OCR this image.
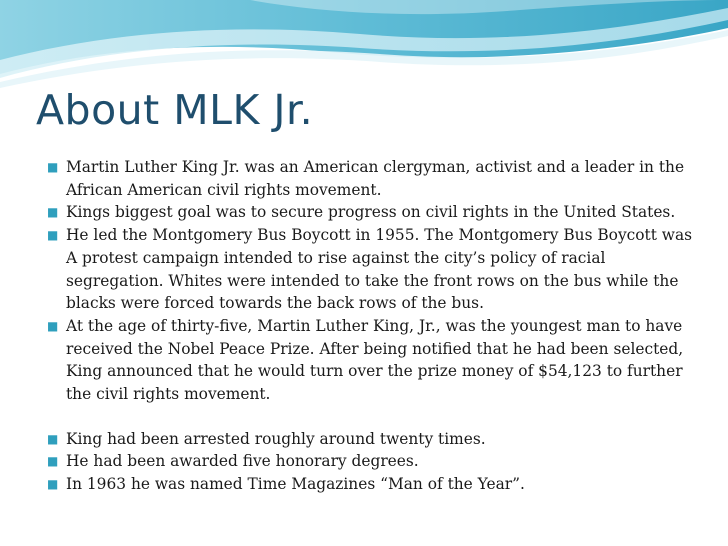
About MLK Jr.
■ Martin Luther King Jr. was an American clergyman, activist and a leader in the
African American civil rights movement.
■ Kings biggest goal was to secure progress on civil rights in the United States.
■ He led the Montgomery Bus Boycott in 1955. The Montgomery Bus Boycott was
A protest campaign intended to rise against the city’s policy of racial
segregation. Whites were intended to take the front rows on the bus while the
blacks were forced towards the back rows of the bus.
■ At the age of thirty-five, Martin Luther King, Jr., was the youngest man to have
received the Nobel Peace Prize. After being notified that he had been selected,
King announced that he would turn over the prize money of $54,123 to further
the civil rights movement.
■ King had been arrested roughly around twenty times.
■ He had been awarded five honorary degrees.
■ In 1963 he was named Time Magazines “Man of the Year”.
